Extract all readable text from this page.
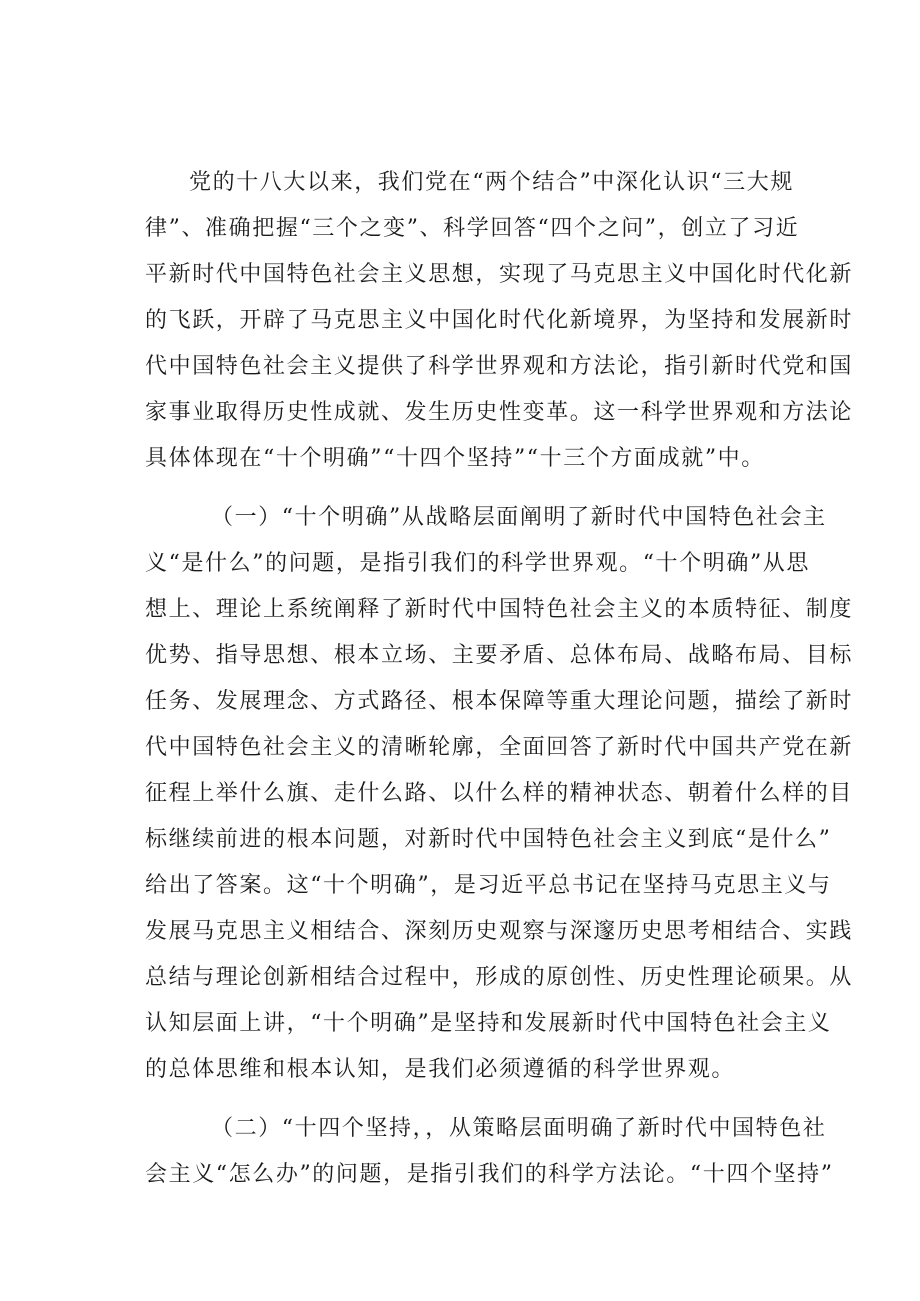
党的十八大以来，我们党在“两个结合”中深化认识“三大规
律”、准确把握“三个之变”、科学回答“四个之问”，创立了习近
平新时代中国特色社会主义思想，实现了马克思主义中国化时代化新
的飞跃，开辟了马克思主义中国化时代化新境界，为坚持和发展新时
代中国特色社会主义提供了科学世界观和方法论，指引新时代党和国
家事业取得历史性成就、发生历史性变革。这一科学世界观和方法论
具体体现在“十个明确”“十四个坚持”“十三个方面成就”中。
（一）“十个明确”从战略层面阐明了新时代中国特色社会主
义“是什么”的问题，是指引我们的科学世界观。“十个明确”从思
想上、理论上系统阐释了新时代中国特色社会主义的本质特征、制度
优势、指导思想、根本立场、主要矛盾、总体布局、战略布局、目标
任务、发展理念、方式路径、根本保障等重大理论问题，描绘了新时
代中国特色社会主义的清晰轮廓，全面回答了新时代中国共产党在新
征程上举什么旗、走什么路、以什么样的精神状态、朝着什么样的目
标继续前进的根本问题，对新时代中国特色社会主义到底“是什么”
给出了答案。这“十个明确”，是习近平总书记在坚持马克思主义与
发展马克思主义相结合、深刻历史观察与深邃历史思考相结合、实践
总结与理论创新相结合过程中，形成的原创性、历史性理论硕果。从
认知层面上讲，“十个明确”是坚持和发展新时代中国特色社会主义
的总体思维和根本认知，是我们必须遵循的科学世界观。
（二）“十四个坚持，，从策略层面明确了新时代中国特色社
会主义“怎么办”的问题，是指引我们的科学方法论。“十四个坚持”
